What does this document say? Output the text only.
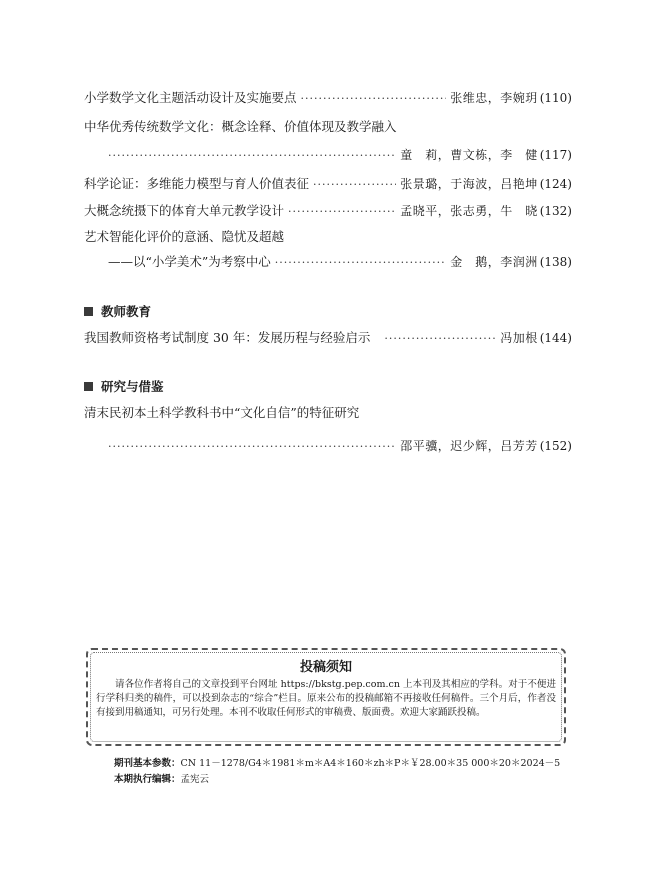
小学数学文化主题活动设计及实施要点 ·····	张维忠，李婉玥 (110)
中华优秀传统数学文化：概念诠释、价值体现及教学融入
·····
童　莉，曹文栋，李　健 (117)
科学论证：多维能力模型与育人价值表征 ·····	张景璐，于海波，吕艳坤 (124)
大概念统摄下的体育大单元教学设计 ·····	孟晓平，张志勇，牛　晓 (132)
艺术智能化评价的意涵、隐忧及超越
——以“小学美术”为考察中心 ·····	金　鹅，李润洲 (138)
教师教育
我国教师资格考试制度 30 年：发展历程与经验启示 ·····	冯加根 (144)
研究与借鉴
清末民初本土科学教科书中“文化自信”的特征研究
·····
邵平骥，迟少辉，吕芳芳 (152)
投稿须知
请各位作者将自己的文章投到平台网址 https://bkstg.pep.com.cn 上本刊及其相应的学科。对于不便进行学科归类的稿件，可以投到杂志的“综合”栏目。原来公布的投稿邮箱不再接收任何稿件。三个月后，作者没有接到用稿通知，可另行处理。本刊不收取任何形式的审稿费、版面费。欢迎大家踊跃投稿。
期刊基本参数：CN 11－1278/G4＊1981＊m＊A4＊160＊zh＊P＊￥28.00＊35 000＊20＊2024－5
本期执行编辑：孟宪云
